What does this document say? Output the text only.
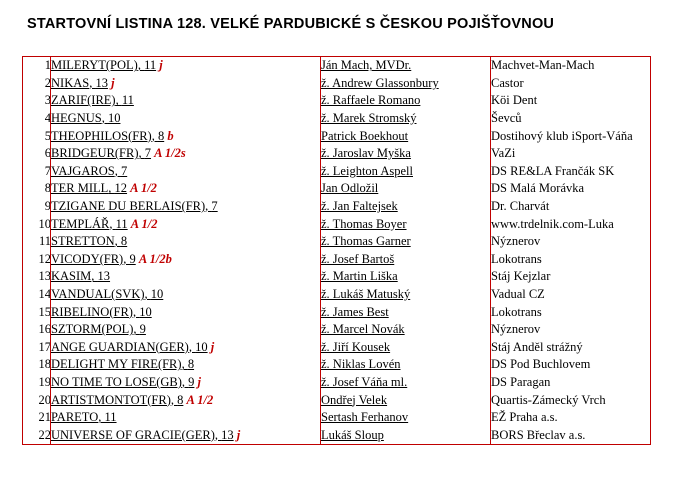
STARTOVNÍ LISTINA 128. VELKÉ PARDUBICKÉ S ČESKOU POJIŠŤOVNOU
1	MILERYT(POL), 11 j	Ján Mach, MVDr.	Machvet-Man-Mach
2	NIKAS, 13 j	ž. Andrew Glassonbury	Castor
3	ZARIF(IRE), 11	ž. Raffaele Romano	Köi Dent
4	HEGNUS, 10	ž. Marek Stromský	Ševců
5	THEOPHILOS(FR), 8 b	Patrick Boekhout	Dostihový klub iSport-Váňa
6	BRIDGEUR(FR), 7 A 1/2s	ž. Jaroslav Myška	VaZi
7	VAJGAROS, 7	ž. Leighton Aspell	DS RE&LA Frančák SK
8	TER MILL, 12 A 1/2	Jan Odložil	DS Malá Morávka
9	TZIGANE DU BERLAIS(FR), 7	ž. Jan Faltejsek	Dr. Charvát
10	TEMPLÁŘ, 11 A 1/2	ž. Thomas Boyer	www.trdelnik.com-Luka
11	STRETTON, 8	ž. Thomas Garner	Nýznerov
12	VICODY(FR), 9 A 1/2b	ž. Josef Bartoš	Lokotrans
13	KASIM, 13	ž. Martin Liška	Stáj Kejzlar
14	VANDUAL(SVK), 10	ž. Lukáš Matuský	Vadual CZ
15	RIBELINO(FR), 10	ž. James Best	Lokotrans
16	SZTORM(POL), 9	ž. Marcel Novák	Nýznerov
17	ANGE GUARDIAN(GER), 10 j	ž. Jiří Kousek	Stáj Anděl strážný
18	DELIGHT MY FIRE(FR), 8	ž. Niklas Lovén	DS Pod Buchlovem
19	NO TIME TO LOSE(GB), 9 j	ž. Josef Váňa ml.	DS Paragan
20	ARTISTMONTOT(FR), 8 A 1/2	Ondřej Velek	Quartis-Zámecký Vrch
21	PARETO, 11	Sertash Ferhanov	EŽ Praha a.s.
22	UNIVERSE OF GRACIE(GER), 13 j	Lukáš Sloup	BORS Břeclav a.s.
